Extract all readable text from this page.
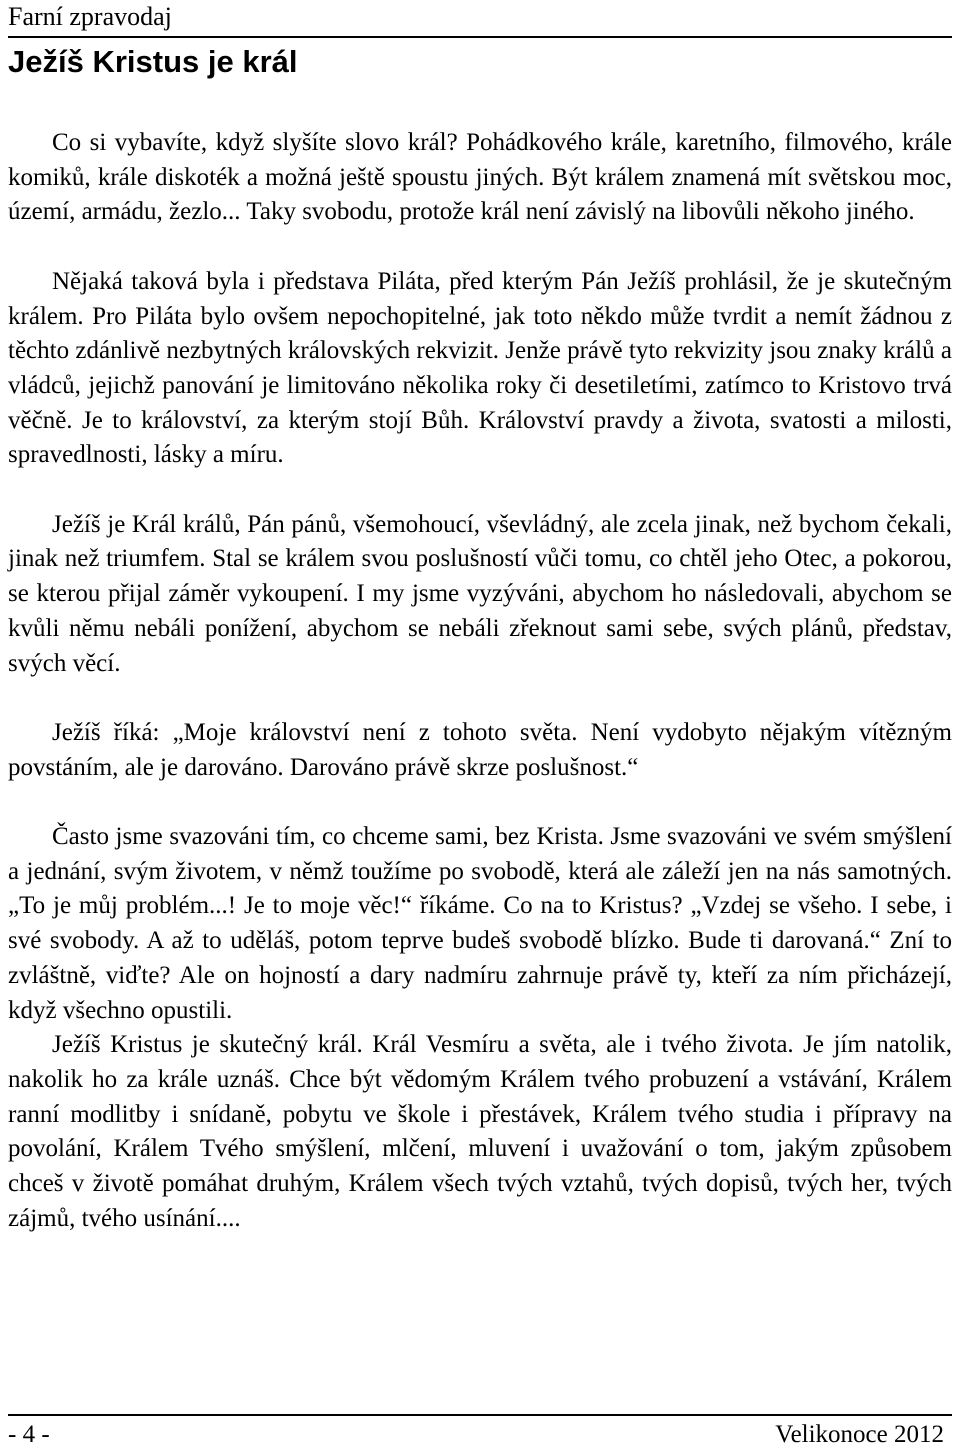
Farní zpravodaj
Ježíš Kristus je král

Co si vybavíte, když slyšíte slovo král? Pohádkového krále, karetního, filmového, krále komiků, krále diskoték a možná ještě spoustu jiných. Být králem znamená mít světskou moc, území, armádu, žezlo... Taky svobodu, protože král není závislý na libovůli někoho jiného.

Nějaká taková byla i představa Piláta, před kterým Pán Ježíš prohlásil, že je skutečným králem. Pro Piláta bylo ovšem nepochopitelné, jak toto někdo může tvrdit a nemít žádnou z těchto zdánlivě nezbytných královských rekvizit. Jenže právě tyto rekvizity jsou znaky králů a vládců, jejichž panování je limitováno několika roky či desetiletími, zatímco to Kristovo trvá věčně. Je to království, za kterým stojí Bůh. Království pravdy a života, svatosti a milosti, spravedlnosti, lásky a míru.

Ježíš je Král králů, Pán pánů, všemohoucí, vševládný, ale zcela jinak, než bychom čekali, jinak než triumfem. Stal se králem svou poslušností vůči tomu, co chtěl jeho Otec, a pokorou, se kterou přijal záměr vykoupení. I my jsme vyzýváni, abychom ho následovali, abychom se kvůli němu nebáli ponížení, abychom se nebáli zřeknout sami sebe, svých plánů, představ, svých věcí.

Ježíš říká: „Moje království není z tohoto světa. Není vydobyto nějakým vítězným povstáním, ale je darováno. Darováno právě skrze poslušnost.“

Často jsme svazováni tím, co chceme sami, bez Krista. Jsme svazováni ve svém smýšlení a jednání, svým životem, v němž toužíme po svobodě, která ale záleží jen na nás samotných. „To je můj problém...! Je to moje věc!“ říkáme. Co na to Kristus? „Vzdej se všeho. I sebe, i své svobody. A až to uděláš, potom teprve budeš svobodě blízko. Bude ti darovaná.“ Zní to zvláštně, viďte? Ale on hojností a dary nadmíru zahrnuje právě ty, kteří za ním přicházejí, když všechno opustili.

Ježíš Kristus je skutečný král. Král Vesmíru a světa, ale i tvého života. Je jím natolik, nakolik ho za krále uznáš. Chce být vědomým Králem tvého probuzení a vstávání, Králem ranní modlitby i snídaně, pobytu ve škole i přestávek, Králem tvého studia i přípravy na povolání, Králem Tvého smýšlení, mlčení, mluvení i uvažování o tom, jakým způsobem chceš v životě pomáhat druhým, Králem všech tvých vztahů, tvých dopisů, tvých her, tvých zájmů, tvého usínání....

- 4 -	Velikonoce 2012
